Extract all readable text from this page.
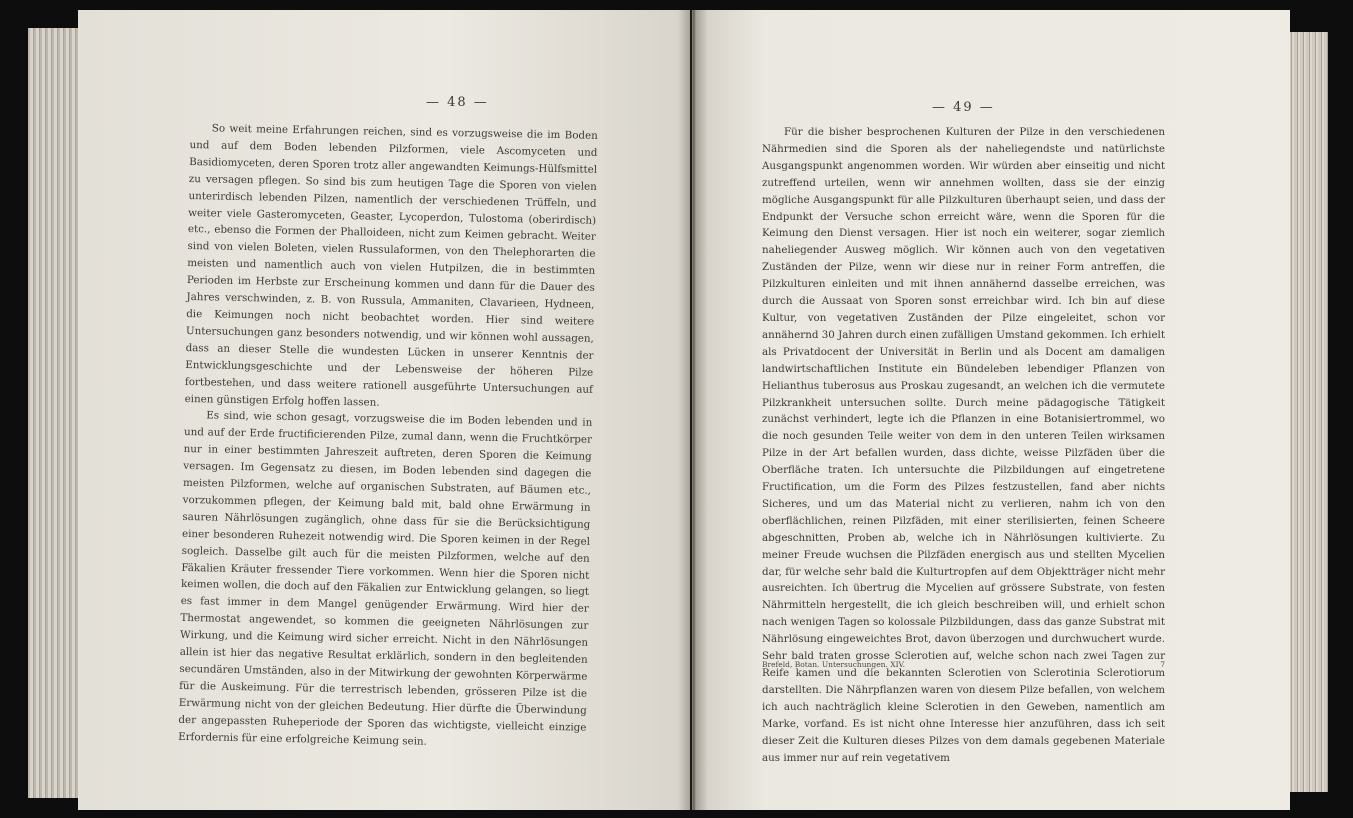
— 48 —

So weit meine Erfahrungen reichen, sind es vorzugsweise die im Boden und auf dem Boden lebenden Pilzformen, viele Ascomyceten und Basidiomyceten, deren Sporen trotz aller angewandten Keimungs-Hülfsmittel zu versagen pflegen. So sind bis zum heutigen Tage die Sporen von vielen unterirdisch lebenden Pilzen, namentlich der verschiedenen Trüffeln, und weiter viele Gasteromyceten, Geaster, Lycoperdon, Tulostoma (oberirdisch) etc., ebenso die Formen der Phalloideen, nicht zum Keimen gebracht. Weiter sind von vielen Boleten, vielen Russulaformen, von den Thelephorarten die meisten und namentlich auch von vielen Hutpilzen, die in bestimmten Perioden im Herbste zur Erscheinung kommen und dann für die Dauer des Jahres verschwinden, z. B. von Russula, Ammaniten, Clavarieen, Hydneen, die Keimungen noch nicht beobachtet worden. Hier sind weitere Untersuchungen ganz besonders notwendig, und wir können wohl aussagen, dass an dieser Stelle die wundesten Lücken in unserer Kenntnis der Entwicklungsgeschichte und der Lebensweise der höheren Pilze fortbestehen, und dass weitere rationell ausgeführte Untersuchungen auf einen günstigen Erfolg hoffen lassen.

Es sind, wie schon gesagt, vorzugsweise die im Boden lebenden und in und auf der Erde fructificierenden Pilze, zumal dann, wenn die Fruchtkörper nur in einer bestimmten Jahreszeit auftreten, deren Sporen die Keimung versagen. Im Gegensatz zu diesen, im Boden lebenden sind dagegen die meisten Pilzformen, welche auf organischen Substraten, auf Bäumen etc., vorzukommen pflegen, der Keimung bald mit, bald ohne Erwärmung in sauren Nährlösungen zugänglich, ohne dass für sie die Berücksichtigung einer besonderen Ruhezeit notwendig wird. Die Sporen keimen in der Regel sogleich. Dasselbe gilt auch für die meisten Pilzformen, welche auf den Fäkalien Kräuter fressender Tiere vorkommen. Wenn hier die Sporen nicht keimen wollen, die doch auf den Fäkalien zur Entwicklung gelangen, so liegt es fast immer in dem Mangel genügender Erwärmung. Wird hier der Thermostat angewendet, so kommen die geeigneten Nährlösungen zur Wirkung, und die Keimung wird sicher erreicht. Nicht in den Nährlösungen allein ist hier das negative Resultat erklärlich, sondern in den begleitenden secundären Umständen, also in der Mitwirkung der gewohnten Körperwärme für die Auskeimung. Für die terrestrisch lebenden, grösseren Pilze ist die Erwärmung nicht von der gleichen Bedeutung. Hier dürfte die Überwindung der angepassten Ruheperiode der Sporen das wichtigste, vielleicht einzige Erfordernis für eine erfolgreiche Keimung sein.

— 49 —

Für die bisher besprochenen Kulturen der Pilze in den verschiedenen Nährmedien sind die Sporen als der naheliegendste und natürlichste Ausgangspunkt angenommen worden. Wir würden aber einseitig und nicht zutreffend urteilen, wenn wir annehmen wollten, dass sie der einzig mögliche Ausgangspunkt für alle Pilzkulturen überhaupt seien, und dass der Endpunkt der Versuche schon erreicht wäre, wenn die Sporen für die Keimung den Dienst versagen. Hier ist noch ein weiterer, sogar ziemlich naheliegender Ausweg möglich. Wir können auch von den vegetativen Zuständen der Pilze, wenn wir diese nur in reiner Form antreffen, die Pilzkulturen einleiten und mit ihnen annähernd dasselbe erreichen, was durch die Aussaat von Sporen sonst erreichbar wird. Ich bin auf diese Kultur, von vegetativen Zuständen der Pilze eingeleitet, schon vor annähernd 30 Jahren durch einen zufälligen Umstand gekommen. Ich erhielt als Privatdocent der Universität in Berlin und als Docent am damaligen landwirtschaftlichen Institute ein Bündeleben lebendiger Pflanzen von Helianthus tuberosus aus Proskau zugesandt, an welchen ich die vermutete Pilzkrankheit untersuchen sollte. Durch meine pädagogische Tätigkeit zunächst verhindert, legte ich die Pflanzen in eine Botanisiertrommel, wo die noch gesunden Teile weiter von dem in den unteren Teilen wirksamen Pilze in der Art befallen wurden, dass dichte, weisse Pilzfäden über die Oberfläche traten. Ich untersuchte die Pilzbildungen auf eingetretene Fructification, um die Form des Pilzes festzustellen, fand aber nichts Sicheres, und um das Material nicht zu verlieren, nahm ich von den oberflächlichen, reinen Pilzfäden, mit einer sterilisierten, feinen Scheere abgeschnitten, Proben ab, welche ich in Nährlösungen kultivierte. Zu meiner Freude wuchsen die Pilzfäden energisch aus und stellten Mycelien dar, für welche sehr bald die Kulturtropfen auf dem Objektträger nicht mehr ausreichten. Ich übertrug die Mycelien auf grössere Substrate, von festen Nährmitteln hergestellt, die ich gleich beschreiben will, und erhielt schon nach wenigen Tagen so kolossale Pilzbildungen, dass das ganze Substrat mit Nährlösung eingeweichtes Brot, davon überzogen und durchwuchert wurde. Sehr bald traten grosse Sclerotien auf, welche schon nach zwei Tagen zur Reife kamen und die bekannten Sclerotien von Sclerotinia Sclerotiorum darstellten. Die Nährpflanzen waren von diesem Pilze befallen, von welchem ich auch nachträglich kleine Sclerotien in den Geweben, namentlich am Marke, vorfand. Es ist nicht ohne Interesse hier anzuführen, dass ich seit dieser Zeit die Kulturen dieses Pilzes von dem damals gegebenen Materiale aus immer nur auf rein vegetativem

Brefeld, Botan. Untersuchungen. XIV.	7
